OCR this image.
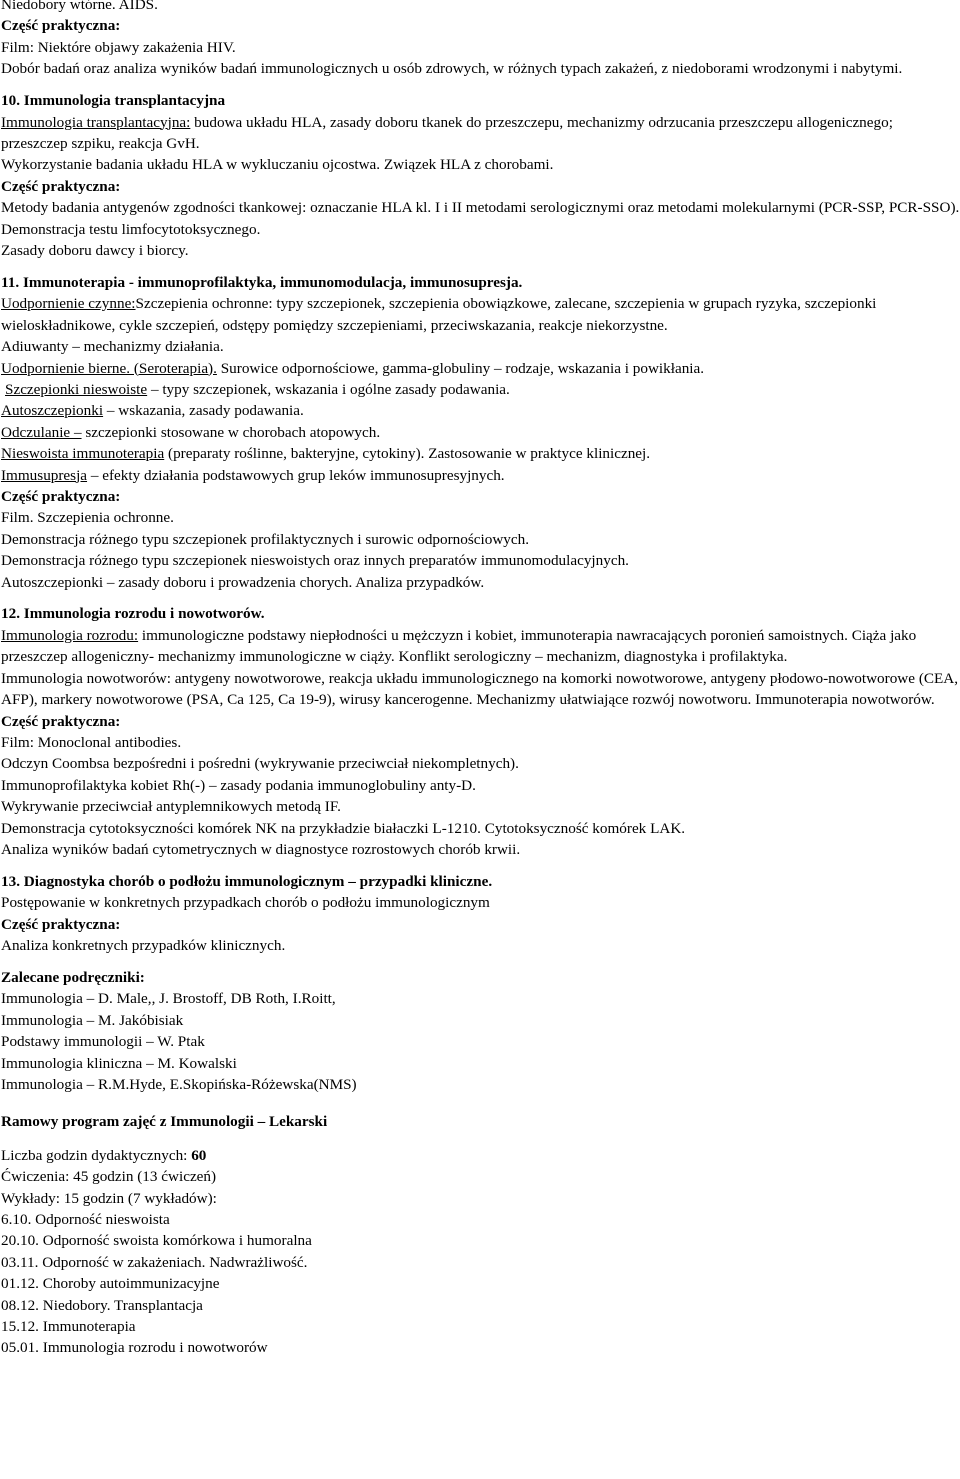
Niedobory wtórne. AIDS.
Część praktyczna:
Film: Niektóre objawy zakażenia HIV.
Dobór badań oraz analiza wyników badań immunologicznych u osób zdrowych, w różnych typach zakażeń, z niedoborami wrodzonymi i nabytymi.
10. Immunologia transplantacyjna
Immunologia transplantacyjna: budowa układu HLA, zasady doboru tkanek do przeszczepu, mechanizmy odrzucania przeszczepu allogenicznego; przeszczep szpiku, reakcja GvH.
Wykorzystanie badania układu HLA w wykluczaniu ojcostwa. Związek HLA z chorobami.
Część praktyczna:
Metody badania antygenów zgodności tkankowej: oznaczanie HLA kl. I i II metodami serologicznymi oraz metodami molekularnymi (PCR-SSP, PCR-SSO).
Demonstracja testu limfocytotoksycznego.
Zasady doboru dawcy i biorcy.
11. Immunoterapia - immunoprofilaktyka, immunomodulacja, immunosupresja.
Uodpornienie czynne:Szczepienia ochronne: typy szczepionek, szczepienia obowiązkowe, zalecane, szczepienia w grupach ryzyka, szczepionki wieloskładnikowe, cykle szczepień, odstępy pomiędzy szczepieniami, przeciwskazania, reakcje niekorzystne.
Adiuwanty – mechanizmy działania.
Uodpornienie bierne. (Seroterapia). Surowice odpornościowe, gamma-globuliny – rodzaje, wskazania i powikłania.
Szczepionki nieswoiste – typy szczepionek, wskazania i ogólne zasady podawania.
Autoszczepionki – wskazania, zasady podawania.
Odczulanie – szczepionki stosowane w chorobach atopowych.
Nieswoista immunoterapia (preparaty roślinne, bakteryjne, cytokiny). Zastosowanie w praktyce klinicznej.
Immusupresja – efekty działania podstawowych grup leków immunosupresyjnych.
Część praktyczna:
Film. Szczepienia ochronne.
Demonstracja różnego typu szczepionek profilaktycznych i surowic odpornościowych.
Demonstracja różnego typu szczepionek nieswoistych oraz innych preparatów immunomodulacyjnych.
Autoszczepionki – zasady doboru i prowadzenia chorych. Analiza przypadków.
12. Immunologia rozrodu i nowotworów.
Immunologia rozrodu: immunologiczne podstawy niepłodności u mężczyzn i kobiet, immunoterapia nawracających poronień samoistnych. Ciąża jako przeszczep allogeniczny- mechanizmy immunologiczne w ciąży. Konflikt serologiczny – mechanizm, diagnostyka i profilaktyka.
Immunologia nowotworów: antygeny nowotworowe, reakcja układu immunologicznego na komorki nowotworowe, antygeny płodowo-nowotworowe (CEA, AFP), markery nowotworowe (PSA, Ca 125, Ca 19-9), wirusy kancerogenne. Mechanizmy ułatwiające rozwój nowotworu. Immunoterapia nowotworów.
Część praktyczna:
Film: Monoclonal antibodies.
Odczyn Coombsa bezpośredni i pośredni (wykrywanie przeciwciał niekompletnych).
Immunoprofilaktyka kobiet Rh(-) – zasady podania immunoglobuliny anty-D.
Wykrywanie przeciwciał antyplemnikowych metodą IF.
Demonstracja cytotoksyczności komórek NK na przykładzie białaczki L-1210. Cytotoksyczność komórek LAK.
Analiza wyników badań cytometrycznych w diagnostyce rozrostowych chorób krwii.
13. Diagnostyka chorób o podłożu immunologicznym – przypadki kliniczne.
Postępowanie w konkretnych przypadkach chorób o podłożu immunologicznym
Część praktyczna:
Analiza konkretnych przypadków klinicznych.
Zalecane podręczniki:
Immunologia – D. Male,, J. Brostoff, DB Roth, I.Roitt,
Immunologia – M. Jakóbisiak
Podstawy immunologii – W. Ptak
Immunologia kliniczna – M. Kowalski
Immunologia – R.M.Hyde, E.Skopińska-Różewska(NMS)
Ramowy program zajęć z Immunologii – Lekarski
Liczba godzin dydaktycznych: 60
Ćwiczenia: 45 godzin (13 ćwiczeń)
Wykłady: 15 godzin (7 wykładów):
6.10. Odporność nieswoista
20.10. Odporność swoista komórkowa i humoralna
03.11. Odporność w zakażeniach. Nadwrażliwość.
01.12. Choroby autoimmunizacyjne
08.12. Niedobory. Transplantacja
15.12. Immunoterapia
05.01. Immunologia rozrodu i nowotworów
